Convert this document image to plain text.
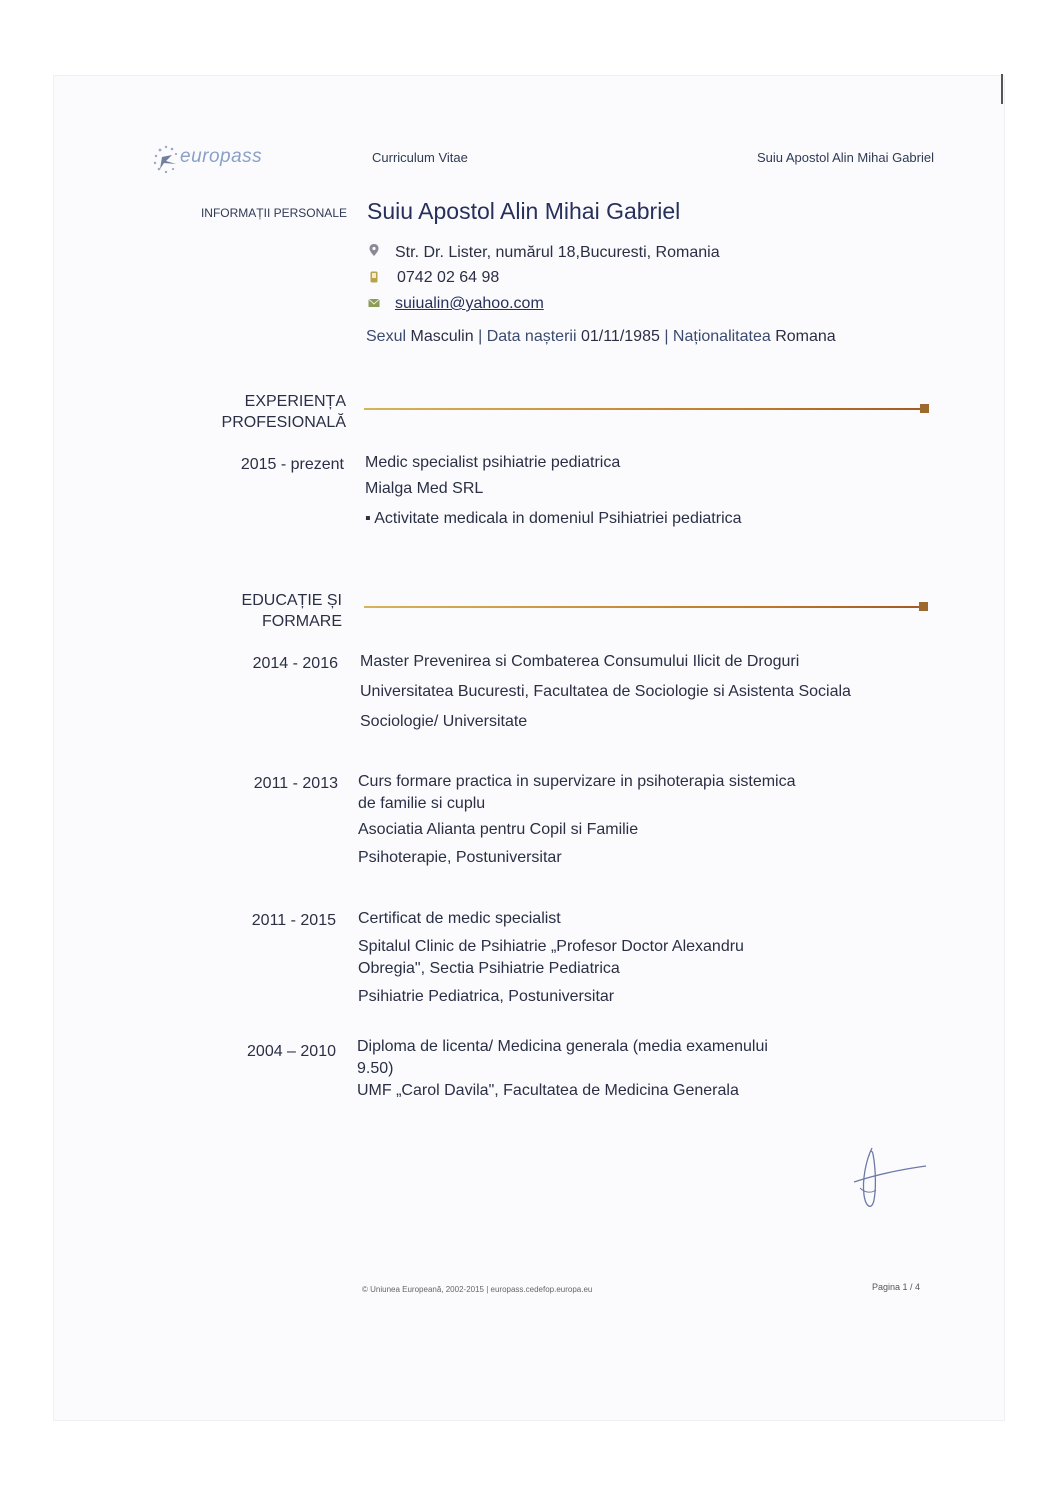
europass	Curriculum Vitae	Suiu Apostol Alin Mihai Gabriel
INFORMAȚII PERSONALE Suiu Apostol Alin Mihai Gabriel
Str. Dr. Lister, numărul 18,Bucuresti, Romania
0742 02 64 98
suiualin@yahoo.com
Sexul Masculin | Data nașterii 01/11/1985 | Naționalitatea Romana
EXPERIENȚA
PROFESIONALĂ
2015 - prezent Medic specialist psihiatrie pediatrica
Mialga Med SRL
▪ Activitate medicala in domeniul Psihiatriei pediatrica
EDUCAȚIE ȘI
FORMARE
2014 - 2016 Master Prevenirea si Combaterea Consumului Ilicit de Droguri
Universitatea Bucuresti, Facultatea de Sociologie si Asistenta Sociala
Sociologie/ Universitate
2011 - 2013 Curs formare practica in supervizare in psihoterapia sistemica
de familie si cuplu
Asociatia Alianta pentru Copil si Familie
Psihoterapie, Postuniversitar
2011 - 2015 Certificat de medic specialist
Spitalul Clinic de Psihiatrie „Profesor Doctor Alexandru
Obregia", Sectia Psihiatrie Pediatrica
Psihiatrie Pediatrica, Postuniversitar
2004 – 2010 Diploma de licenta/ Medicina generala (media examenului
9.50)
UMF „Carol Davila", Facultatea de Medicina Generala
© Uniunea Europeană, 2002-2015 | europass.cedefop.europa.eu	Pagina 1 / 4
